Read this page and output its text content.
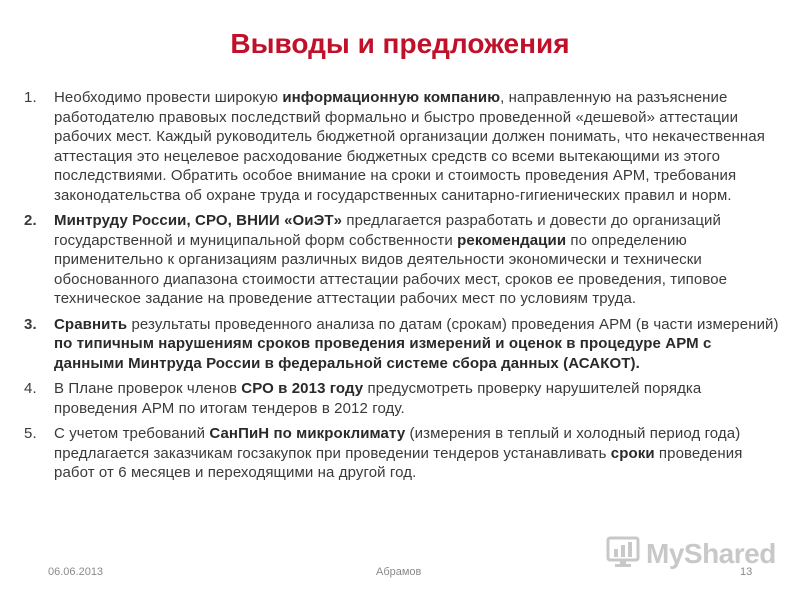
Выводы и предложения
1. Необходимо провести широкую информационную компанию, направленную на разъяснение работодателю правовых последствий формально и быстро проведенной «дешевой» аттестации рабочих мест. Каждый руководитель бюджетной организации должен понимать, что некачественная аттестация это нецелевое расходование бюджетных средств со всеми вытекающими из этого последствиями. Обратить особое внимание на сроки и стоимость проведения АРМ, требования законодательства об охране труда и государственных санитарно-гигиенических правил и норм.
2. Минтруду России, СРО, ВНИИ «ОиЭТ» предлагается разработать и довести до организаций государственной и муниципальной форм собственности рекомендации по определению применительно к организациям различных видов деятельности экономически и технически обоснованного диапазона стоимости аттестации рабочих мест, сроков ее проведения, типовое техническое задание на проведение аттестации рабочих мест по условиям труда.
3. Сравнить результаты проведенного анализа по датам (срокам) проведения АРМ (в части измерений) по типичным нарушениям сроков проведения измерений и оценок в процедуре АРМ с данными Минтруда России в федеральной системе сбора данных (АСАКОТ).
4. В Плане проверок членов СРО в 2013 году предусмотреть проверку нарушителей порядка проведения АРМ по итогам тендеров в 2012 году.
5. С учетом требований СанПиН по микроклимату (измерения в теплый и холодный период года) предлагается заказчикам госзакупок при проведении тендеров устанавливать сроки проведения работ от 6 месяцев и переходящими на другой год.
06.06.2013	Абрамов	13
MyShared
